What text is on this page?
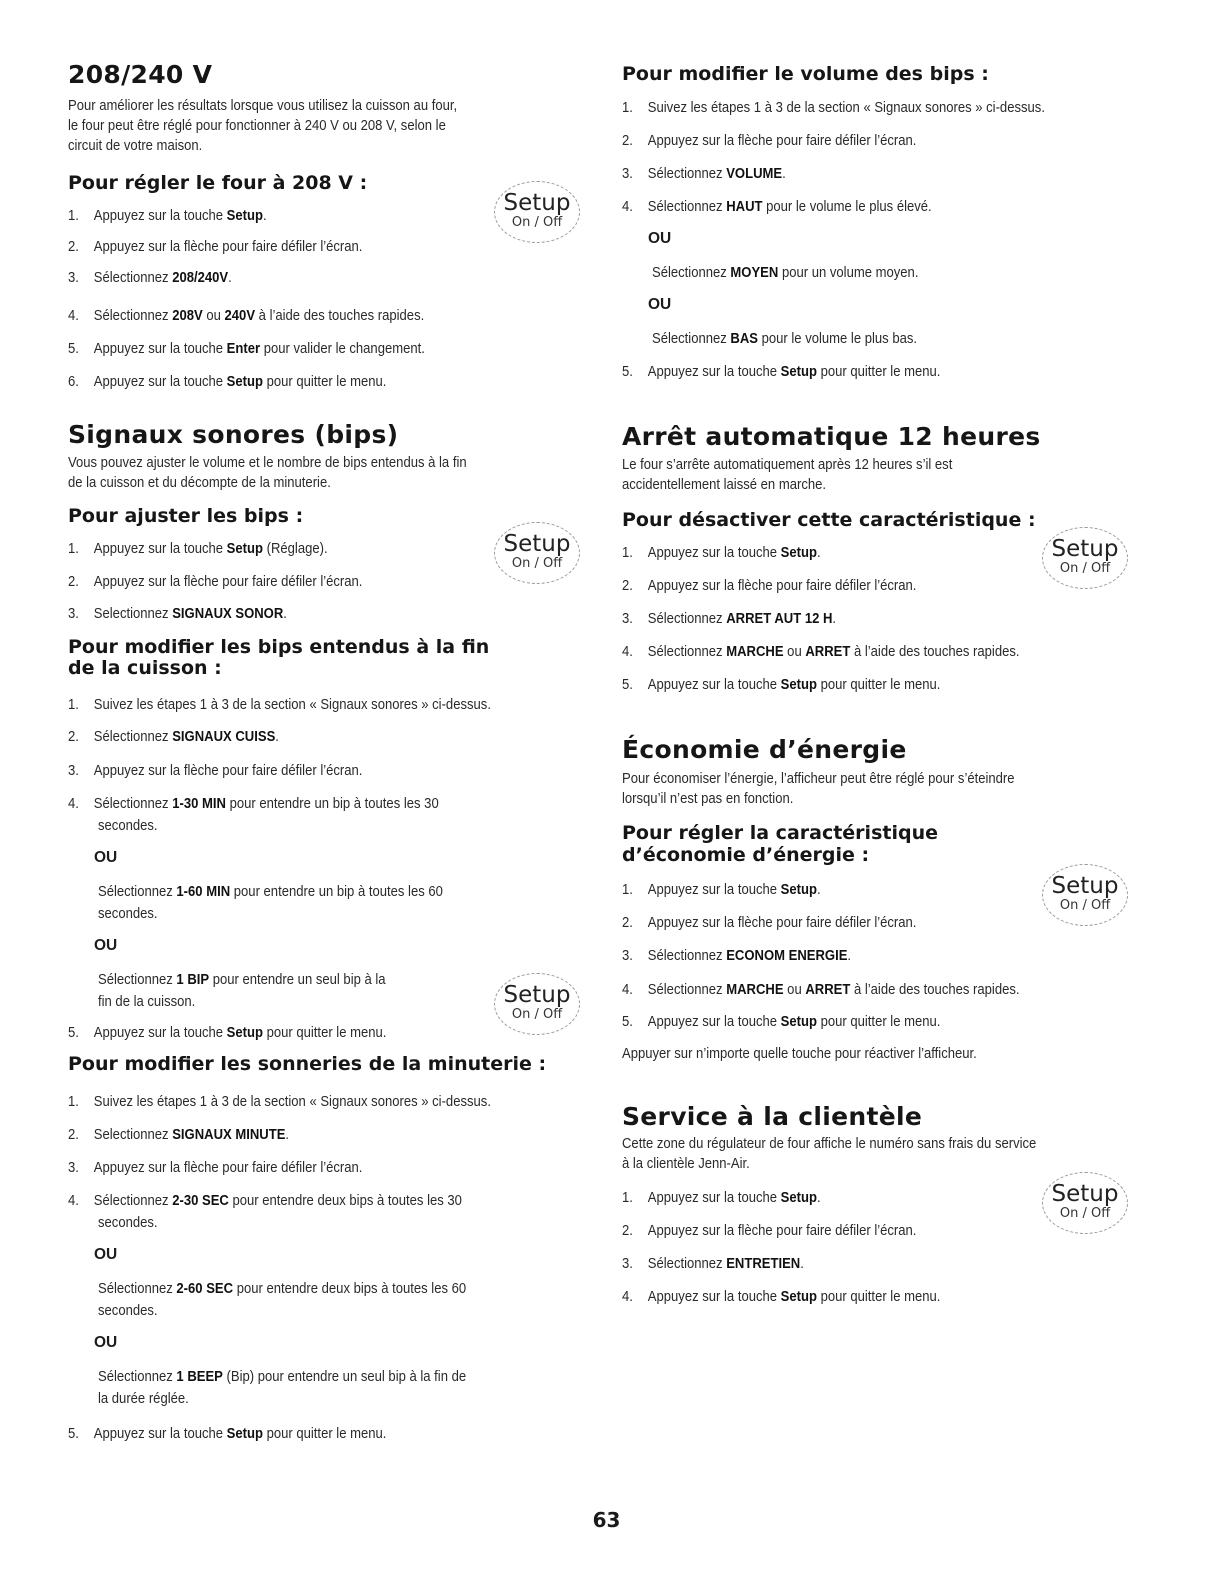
208/240 V
Pour améliorer les résultats lorsque vous utilisez la cuisson au four,
le four peut être réglé pour fonctionner à 240 V ou 208 V, selon le
circuit de votre maison.
Pour régler le four à 208 V :
1. Appuyez sur la touche Setup.
2. Appuyez sur la flèche pour faire défiler l’écran.
3. Sélectionnez 208/240V.
4. Sélectionnez 208V ou 240V à l’aide des touches rapides.
5. Appuyez sur la touche Enter pour valider le changement.
6. Appuyez sur la touche Setup pour quitter le menu.
Setup
On / Off
Signaux sonores (bips)
Vous pouvez ajuster le volume et le nombre de bips entendus à la fin
de la cuisson et du décompte de la minuterie.
Pour ajuster les bips :
1. Appuyez sur la touche Setup (Réglage).
2. Appuyez sur la flèche pour faire défiler l’écran.
3. Selectionnez SIGNAUX SONOR.
Setup
On / Off
Pour modifier les bips entendus à la fin
de la cuisson :
1. Suivez les étapes 1 à 3 de la section « Signaux sonores » ci-dessus.
2. Sélectionnez SIGNAUX CUISS.
3. Appuyez sur la flèche pour faire défiler l’écran.
4. Sélectionnez 1-30 MIN pour entendre un bip à toutes les 30
secondes.
OU
Sélectionnez 1-60 MIN pour entendre un bip à toutes les 60
secondes.
OU
Sélectionnez 1 BIP pour entendre un seul bip à la
fin de la cuisson.
5. Appuyez sur la touche Setup pour quitter le menu.
Setup
On / Off
Pour modifier les sonneries de la minuterie :
1. Suivez les étapes 1 à 3 de la section « Signaux sonores » ci-dessus.
2. Selectionnez SIGNAUX MINUTE.
3. Appuyez sur la flèche pour faire défiler l’écran.
4. Sélectionnez 2-30 SEC pour entendre deux bips à toutes les 30
secondes.
OU
Sélectionnez 2-60 SEC pour entendre deux bips à toutes les 60
secondes.
OU
Sélectionnez 1 BEEP (Bip) pour entendre un seul bip à la fin de
la durée réglée.
5. Appuyez sur la touche Setup pour quitter le menu.
Pour modifier le volume des bips :
1. Suivez les étapes 1 à 3 de la section « Signaux sonores » ci-dessus.
2. Appuyez sur la flèche pour faire défiler l’écran.
3. Sélectionnez VOLUME.
4. Sélectionnez HAUT pour le volume le plus élevé.
OU
Sélectionnez MOYEN pour un volume moyen.
OU
Sélectionnez BAS pour le volume le plus bas.
5. Appuyez sur la touche Setup pour quitter le menu.
Arrêt automatique 12 heures
Le four s’arrête automatiquement après 12 heures s’il est
accidentellement laissé en marche.
Pour désactiver cette caractéristique :
1. Appuyez sur la touche Setup.
2. Appuyez sur la flèche pour faire défiler l’écran.
3. Sélectionnez ARRET AUT 12 H.
4. Sélectionnez MARCHE ou ARRET à l’aide des touches rapides.
5. Appuyez sur la touche Setup pour quitter le menu.
Setup
On / Off
Économie d’énergie
Pour économiser l’énergie, l’afficheur peut être réglé pour s’éteindre
lorsqu’il n’est pas en fonction.
Pour régler la caractéristique
d’économie d’énergie :
1. Appuyez sur la touche Setup.
2. Appuyez sur la flèche pour faire défiler l’écran.
3. Sélectionnez ECONOM ENERGIE.
4. Sélectionnez MARCHE ou ARRET à l’aide des touches rapides.
5. Appuyez sur la touche Setup pour quitter le menu.
Appuyer sur n’importe quelle touche pour réactiver l’afficheur.
Setup
On / Off
Service à la clientèle
Cette zone du régulateur de four affiche le numéro sans frais du service
à la clientèle Jenn-Air.
1. Appuyez sur la touche Setup.
2. Appuyez sur la flèche pour faire défiler l’écran.
3. Sélectionnez ENTRETIEN.
4. Appuyez sur la touche Setup pour quitter le menu.
Setup
On / Off
63
